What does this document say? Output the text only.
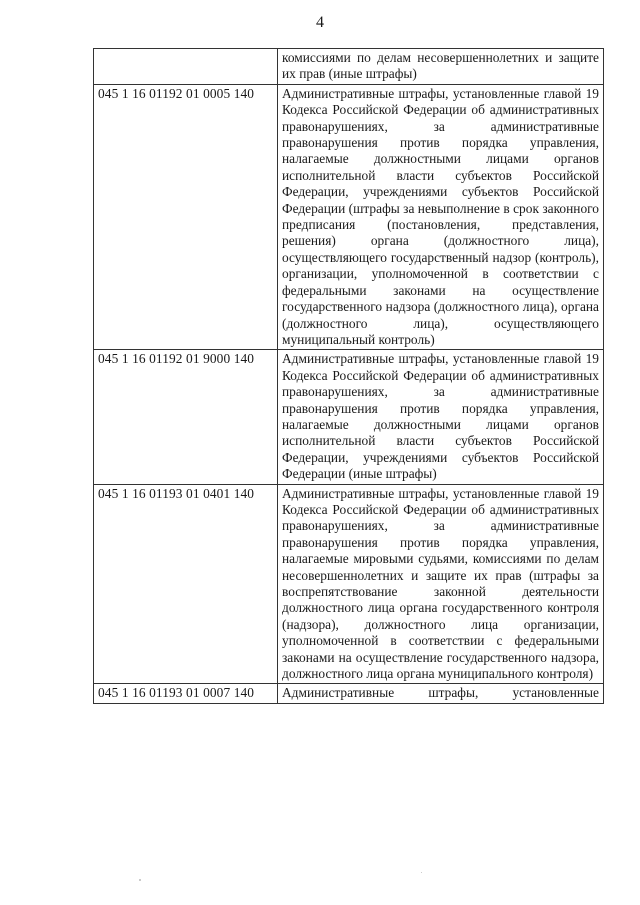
4
	комиссиями по делам несовершеннолетних и защите их прав (иные штрафы)
045 1 16 01192 01 0005 140	Административные штрафы, установленные главой 19 Кодекса Российской Федерации об административных правонарушениях, за административные правонарушения против порядка управления, налагаемые должностными лицами органов исполнительной власти субъектов Российской Федерации, учреждениями субъектов Российской Федерации (штрафы за невыполнение в срок законного предписания (постановления, представления, решения) органа (должностного лица), осуществляющего государственный надзор (контроль), организации, уполномоченной в соответствии с федеральными законами на осуществление государственного надзора (должностного лица), органа (должностного лица), осуществляющего муниципальный контроль)
045 1 16 01192 01 9000 140	Административные штрафы, установленные главой 19 Кодекса Российской Федерации об административных правонарушениях, за административные правонарушения против порядка управления, налагаемые должностными лицами органов исполнительной власти субъектов Российской Федерации, учреждениями субъектов Российской Федерации (иные штрафы)
045 1 16 01193 01 0401 140	Административные штрафы, установленные главой 19 Кодекса Российской Федерации об административных правонарушениях, за административные правонарушения против порядка управления, налагаемые мировыми судьями, комиссиями по делам несовершеннолетних и защите их прав (штрафы за воспрепятствование законной деятельности должностного лица органа государственного контроля (надзора), должностного лица организации, уполномоченной в соответствии с федеральными законами на осуществление государственного надзора, должностного лица органа муниципального контроля)
045 1 16 01193 01 0007 140	Административные штрафы, установленные
